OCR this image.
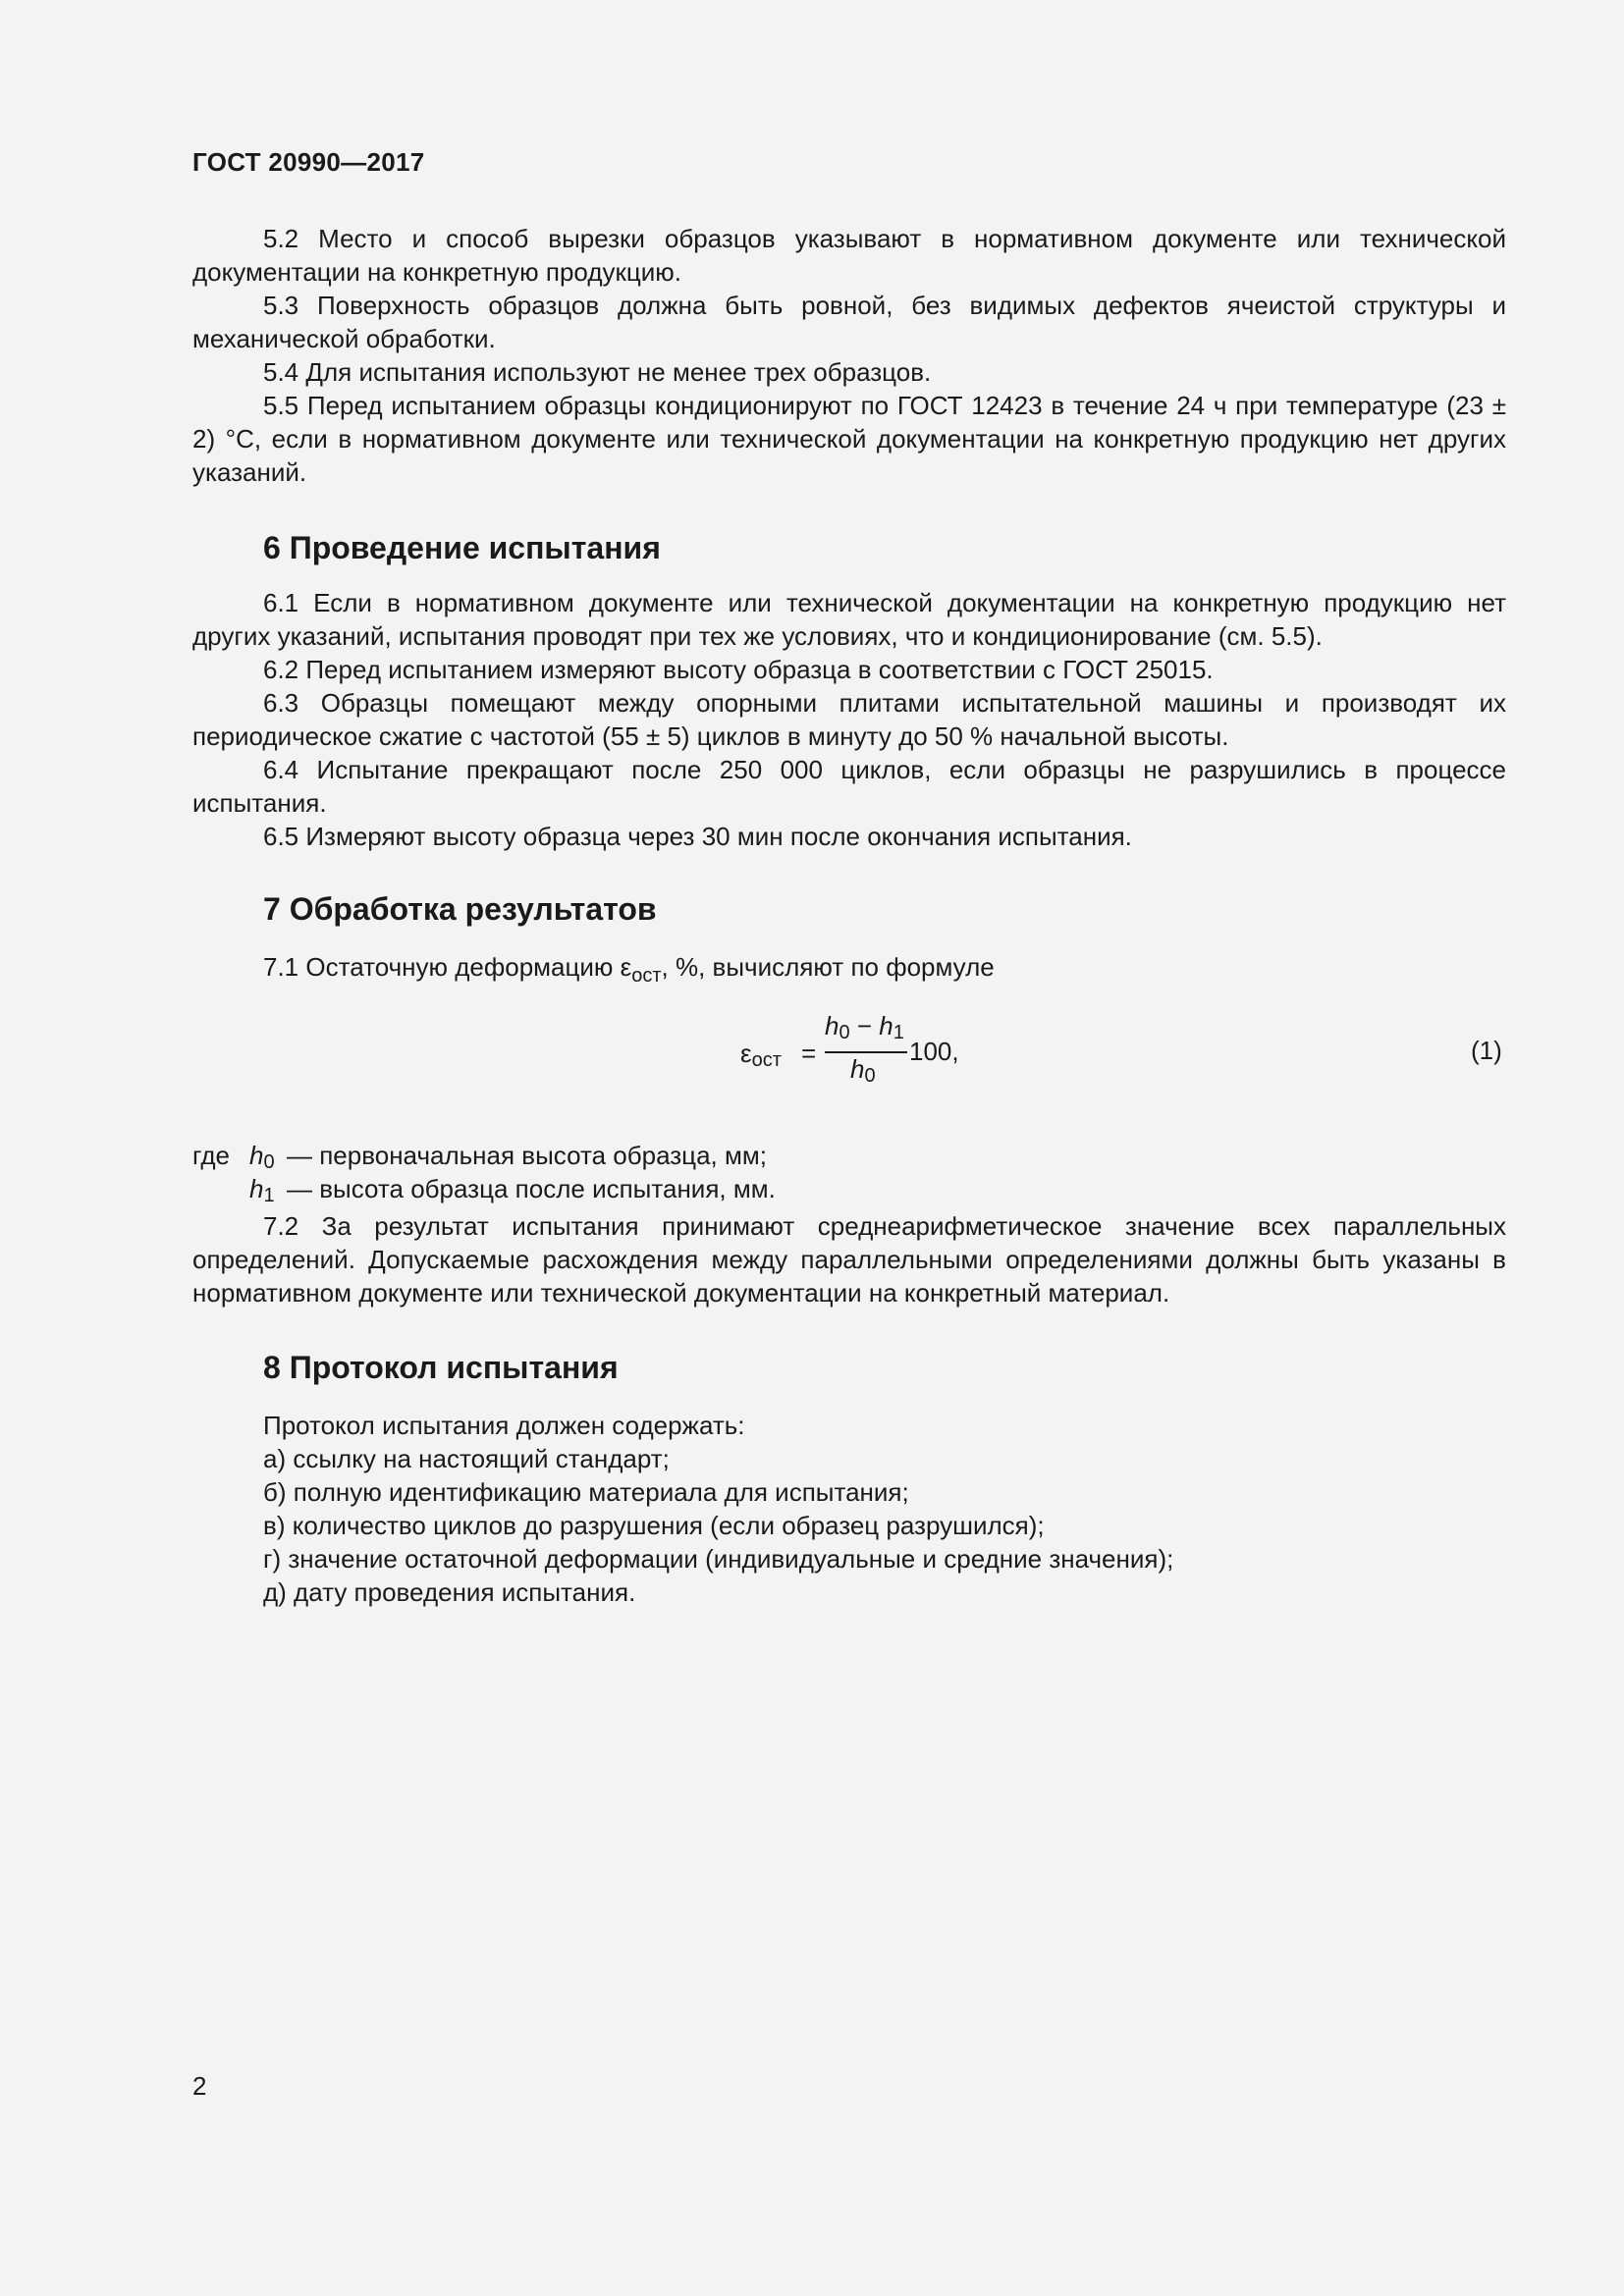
ГОСТ 20990—2017

5.2 Место и способ вырезки образцов указывают в нормативном документе или технической документации на конкретную продукцию.

5.3 Поверхность образцов должна быть ровной, без видимых дефектов ячеистой структуры и механической обработки.

5.4 Для испытания используют не менее трех образцов.

5.5 Перед испытанием образцы кондиционируют по ГОСТ 12423 в течение 24 ч при температуре (23 ± 2) °С, если в нормативном документе или технической документации на конкретную продукцию нет других указаний.

6 Проведение испытания

6.1 Если в нормативном документе или технической документации на конкретную продукцию нет других указаний, испытания проводят при тех же условиях, что и кондиционирование (см. 5.5).

6.2 Перед испытанием измеряют высоту образца в соответствии с ГОСТ 25015.

6.3 Образцы помещают между опорными плитами испытательной машины и производят их периодическое сжатие с частотой (55 ± 5) циклов в минуту до 50 % начальной высоты.

6.4 Испытание прекращают после 250 000 циклов, если образцы не разрушились в процессе испытания.

6.5 Измеряют высоту образца через 30 мин после окончания испытания.

7 Обработка результатов

7.1 Остаточную деформацию $\varepsilon_{ост}$, %, вычисляют по формуле

$\varepsilon_{ост}$ =
$h_0 - h_1$
$h_0$
100,	(1)
где $h_0$ — первоначальная высота образца, мм;
$h_1$ — высота образца после испытания, мм.

7.2 За результат испытания принимают среднеарифметическое значение всех параллельных определений. Допускаемые расхождения между параллельными определениями должны быть указаны в нормативном документе или технической документации на конкретный материал.

8 Протокол испытания
Протокол испытания должен содержать:
а) ссылку на настоящий стандарт;
б) полную идентификацию материала для испытания;
в) количество циклов до разрушения (если образец разрушился);
г) значение остаточной деформации (индивидуальные и средние значения);
д) дату проведения испытания.
2
